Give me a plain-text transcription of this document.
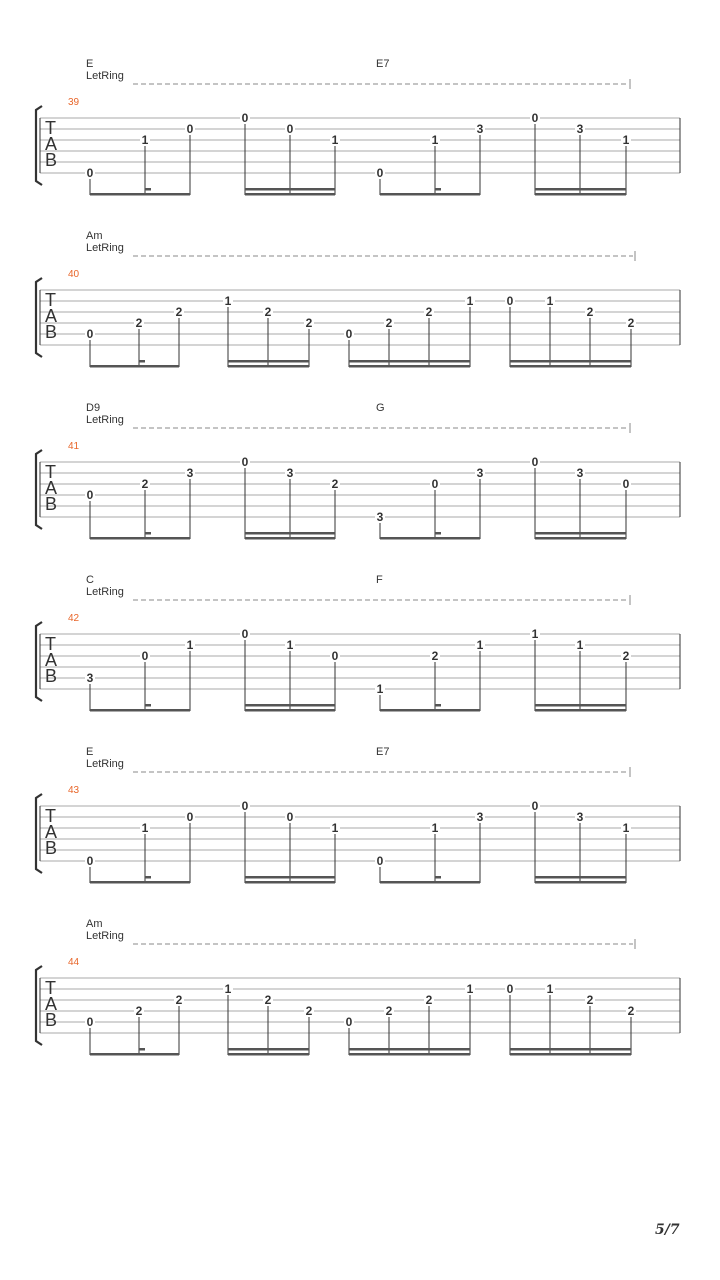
E	E7
LetRing
39
T
A
B
0
1
0
0
0
1
0
1
3
0
3
1
Am
LetRing
40
T
A
B 0
2
2
1
2
2
0
2
2
1	0	1
2
2
D9	G
LetRing
41
T
A
B 0
2
3
0
3
2
3
0
3
0
3
0
C	F
LetRing
42
T
A
B 3
0
1
0
1
0
1
2
1
1
1
2
E	E7
LetRing
43
T
A
B
0
1
0
0
0
1
0
1
3
0
3
1
Am
LetRing
44
T
A
B 0
2
2
1
2
2
0
2
2
1	0	1
2
2
5/7
